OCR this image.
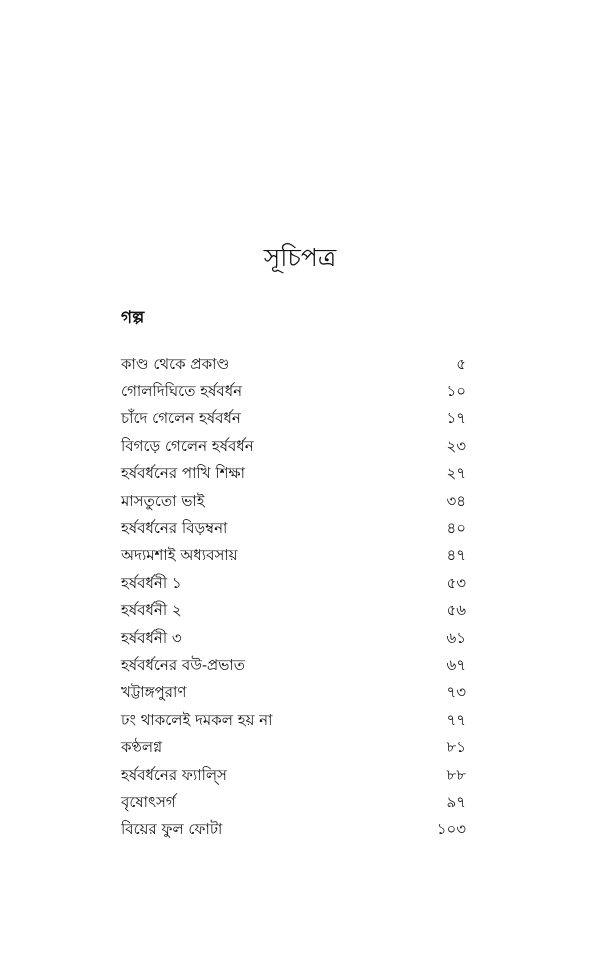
সূচিপত্র
গল্প
কাণ্ড থেকে প্রকাণ্ড	৫
গোলদিঘিতে হর্ষবর্ধন	১০
চাঁদে গেলেন হর্ষবর্ধন	১৭
বিগড়ে গেলেন হর্ষবর্ধন	২৩
হর্ষবর্ধনের পাখি শিক্ষা	২৭
মাসতুতো ভাই	৩৪
হর্ষবর্ধনের বিড়ম্বনা	৪০
অদ্যমশাই অধ্যবসায়	৪৭
হর্ষবর্ধনী ১	৫৩
হর্ষবর্ধনী ২	৫৬
হর্ষবর্ধনী ৩	৬১
হর্ষবর্ধনের বউ-প্রভাত	৬৭
খট্টাঙ্গপুরাণ	৭৩
ঢং থাকলেই দমকল হয় না	৭৭
কণ্ঠলগ্ন	৮১
হর্ষবর্ধনের ফ্যাল্সি	৮৮
বৃষোৎসর্গ	৯৭
বিয়ের ফুল ফোটা	১০৩
